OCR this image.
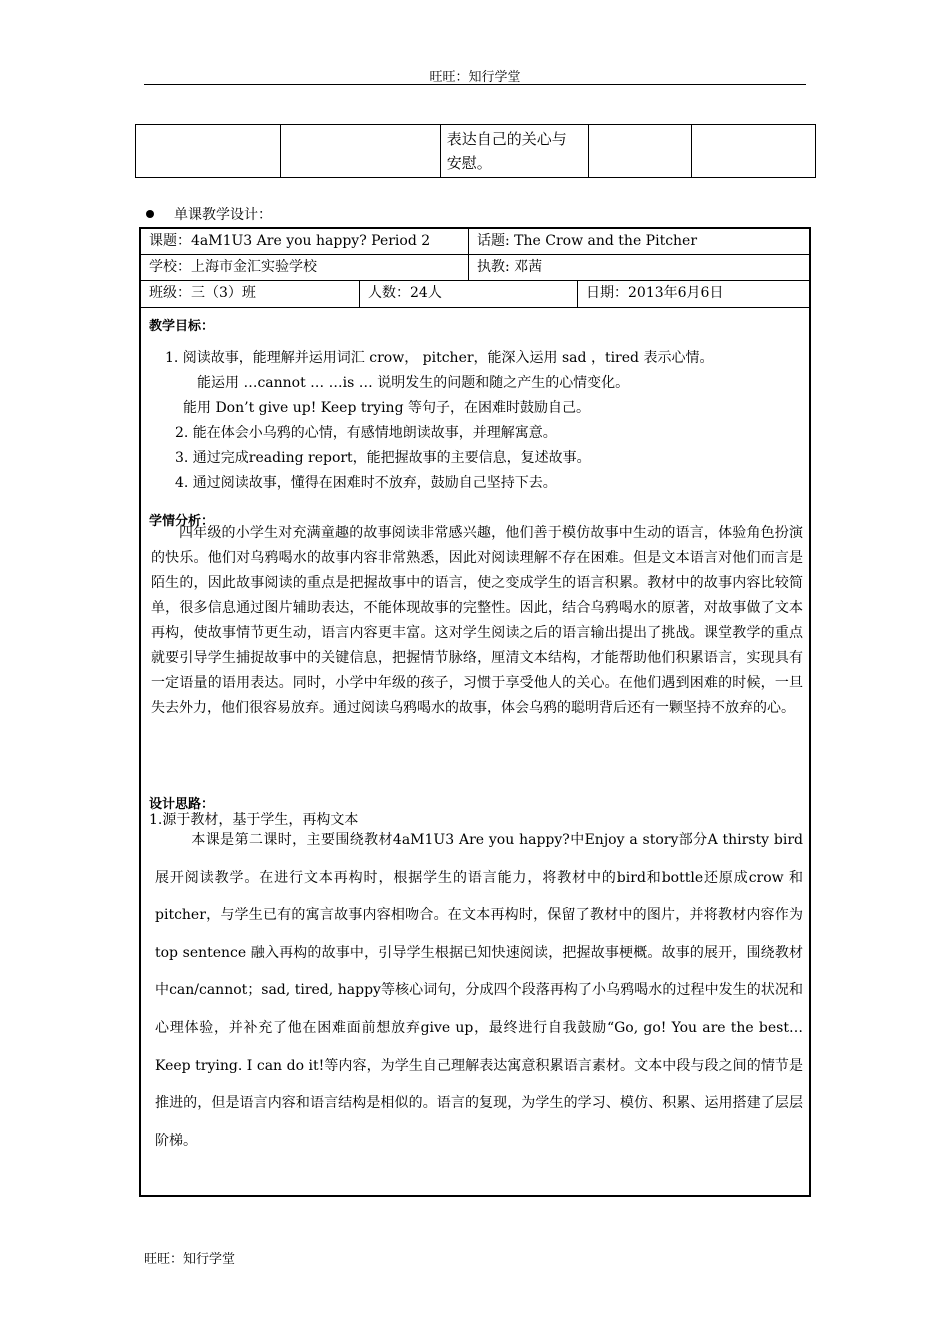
旺旺：知行学堂
		表达自己的关心与安慰。		
单课教学设计：
课题：4aM1U3 Are you happy? Period 2	话题: The Crow and the Pitcher
学校：上海市金汇实验学校	执教: 邓茜
班级：三（3）班	人数：24人	日期：2013年6月6日
教学目标：
1. 阅读故事，能理解并运用词汇 crow， pitcher，能深入运用 sad ，tired 表示心情。
能运用 …cannot … …is … 说明发生的问题和随之产生的心情变化。
能用 Don’t give up! Keep trying 等句子，在困难时鼓励自己。
2. 能在体会小乌鸦的心情，有感情地朗读故事，并理解寓意。
3. 通过完成reading report，能把握故事的主要信息，复述故事。
4. 通过阅读故事，懂得在困难时不放弃，鼓励自己坚持下去。
学情分析：
四年级的小学生对充满童趣的故事阅读非常感兴趣，他们善于模仿故事中生动的语言，体验角色扮演的快乐。他们对乌鸦喝水的故事内容非常熟悉，因此对阅读理解不存在困难。但是文本语言对他们而言是陌生的，因此故事阅读的重点是把握故事中的语言，使之变成学生的语言积累。教材中的故事内容比较简单，很多信息通过图片辅助表达，不能体现故事的完整性。因此，结合乌鸦喝水的原著，对故事做了文本再构，使故事情节更生动，语言内容更丰富。这对学生阅读之后的语言输出提出了挑战。课堂教学的重点就要引导学生捕捉故事中的关键信息，把握情节脉络，厘清文本结构，才能帮助他们积累语言，实现具有一定语量的语用表达。同时，小学中年级的孩子，习惯于享受他人的关心。在他们遇到困难的时候，一旦失去外力，他们很容易放弃。通过阅读乌鸦喝水的故事，体会乌鸦的聪明背后还有一颗坚持不放弃的心。
设计思路：
1.源于教材，基于学生，再构文本
本课是第二课时，主要围绕教材4aM1U3 Are you happy?中Enjoy a story部分A thirsty bird展开阅读教学。在进行文本再构时，根据学生的语言能力，将教材中的bird和bottle还原成crow 和pitcher，与学生已有的寓言故事内容相吻合。在文本再构时，保留了教材中的图片，并将教材内容作为top sentence 融入再构的故事中，引导学生根据已知快速阅读，把握故事梗概。故事的展开，围绕教材中can/cannot；sad, tired, happy等核心词句，分成四个段落再构了小乌鸦喝水的过程中发生的状况和心理体验，并补充了他在困难面前想放弃give up，最终进行自我鼓励“Go, go! You are the best… Keep trying. I can do it!等内容，为学生自己理解表达寓意积累语言素材。文本中段与段之间的情节是推进的，但是语言内容和语言结构是相似的。语言的复现，为学生的学习、模仿、积累、运用搭建了层层阶梯。
旺旺：知行学堂
